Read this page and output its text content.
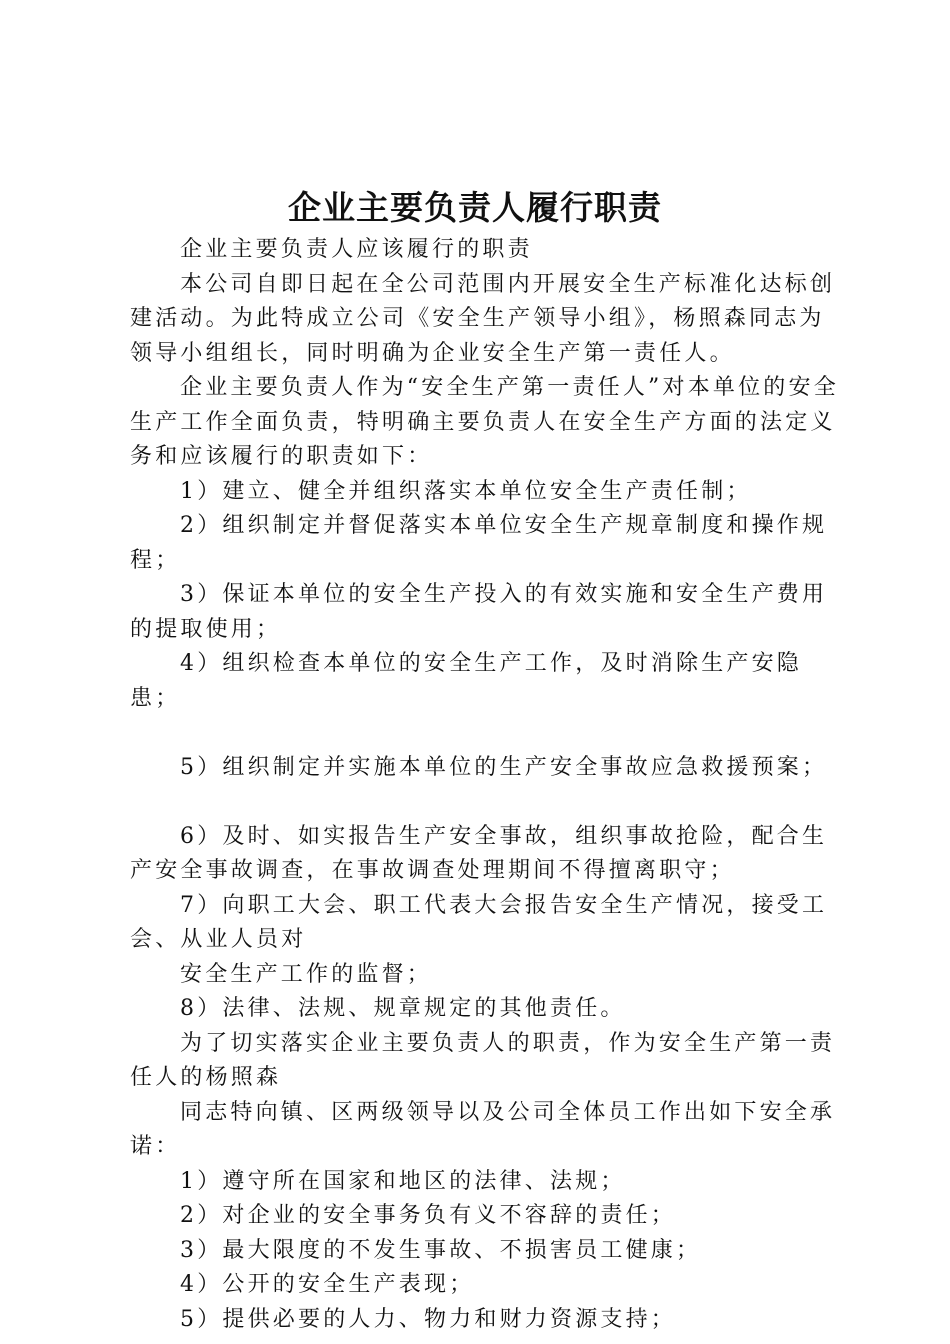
企业主要负责人履行职责

企业主要负责人应该履行的职责

本公司自即日起在全公司范围内开展安全生产标准化达标创建活动。为此特成立公司《安全生产领导小组》，杨照森同志为领导小组组长，同时明确为企业安全生产第一责任人。

企业主要负责人作为“安全生产第一责任人”对本单位的安全生产工作全面负责，特明确主要负责人在安全生产方面的法定义务和应该履行的职责如下：

1）建立、健全并组织落实本单位安全生产责任制；

2）组织制定并督促落实本单位安全生产规章制度和操作规程；

3）保证本单位的安全生产投入的有效实施和安全生产费用的提取使用；

4）组织检查本单位的安全生产工作，及时消除生产安隐患；

5）组织制定并实施本单位的生产安全事故应急救援预案；

6）及时、如实报告生产安全事故，组织事故抢险，配合生产安全事故调查，在事故调查处理期间不得擅离职守；

7）向职工大会、职工代表大会报告安全生产情况，接受工会、从业人员对

安全生产工作的监督；

8）法律、法规、规章规定的其他责任。

为了切实落实企业主要负责人的职责，作为安全生产第一责任人的杨照森

同志特向镇、区两级领导以及公司全体员工作出如下安全承诺：

1）遵守所在国家和地区的法律、法规；

2）对企业的安全事务负有义不容辞的责任；

3）最大限度的不发生事故、不损害员工健康；

4）公开的安全生产表现；

5）提供必要的人力、物力和财力资源支持；
